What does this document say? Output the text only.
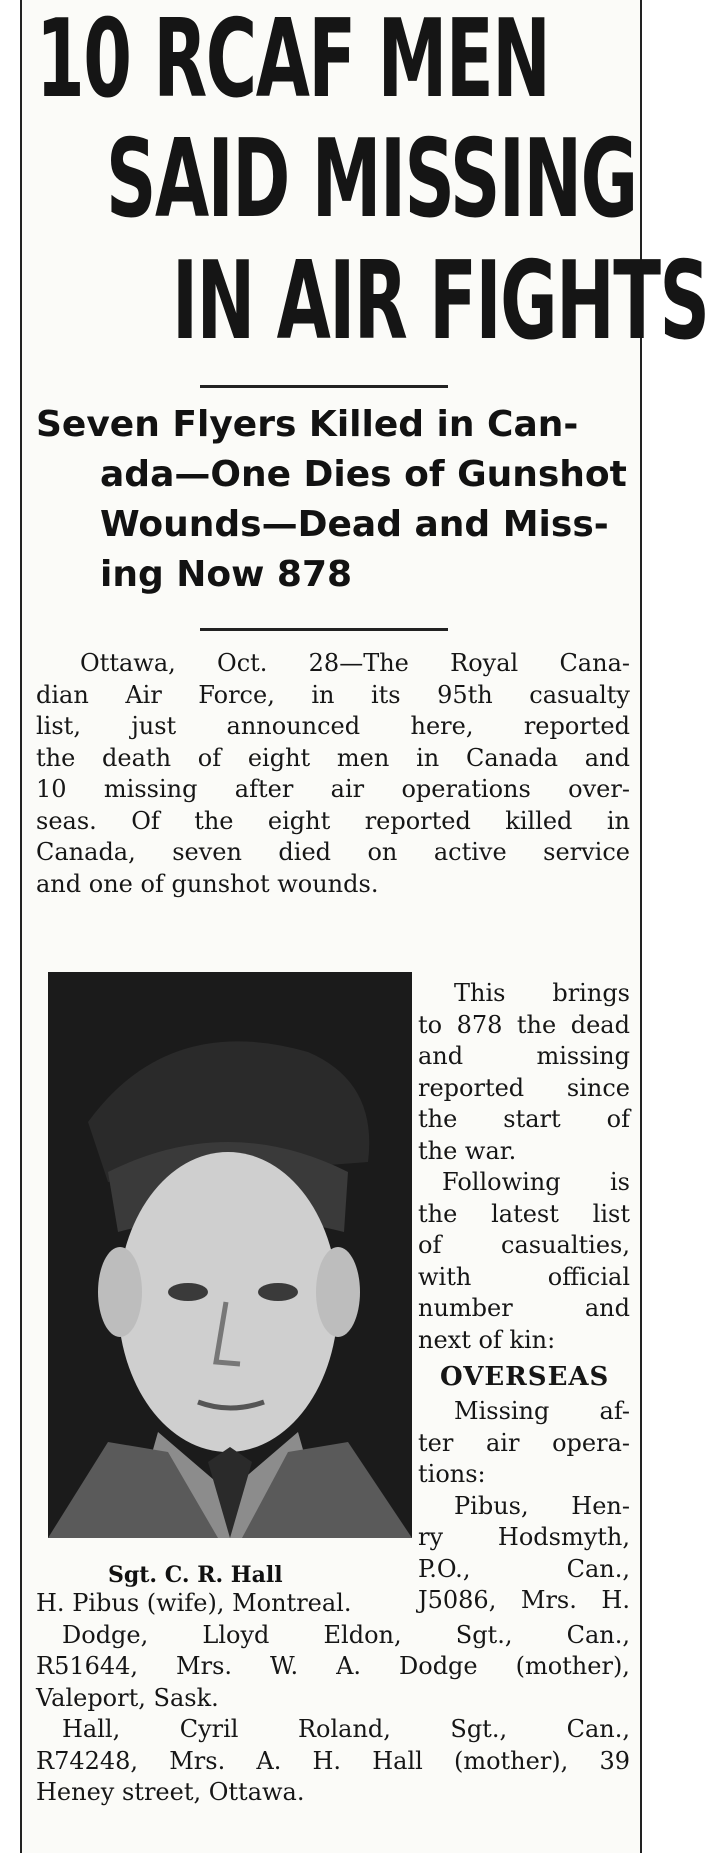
10 RCAF MEN
SAID MISSING
IN AIR FIGHTS
Seven Flyers Killed in Can-
ada—One Dies of Gunshot
Wounds—Dead and Miss-
ing Now 878
Ottawa, Oct. 28—The Royal Cana-
dian Air Force, in its 95th casualty
list, just announced here, reported
the death of eight men in Canada and
10 missing after air operations over-
seas. Of the eight reported killed in
Canada, seven died on active service
and one of gunshot wounds.
Sgt. C. R. Hall
This brings
to 878 the dead
and	missing
reported since
the start of
the war.
Following is
the latest list
of casualties,
with	official
number	and
next of kin:
OVERSEAS
Missing af-
ter air opera-
tions:
Pibus, Hen-
ry Hodsmyth,
P.O.,	Can.,
J5086, Mrs. H.
H. Pibus (wife), Montreal.
Dodge, Lloyd Eldon, Sgt., Can.,
R51644, Mrs. W. A. Dodge (mother),
Valeport, Sask.
Hall, Cyril Roland, Sgt., Can.,
R74248, Mrs. A. H. Hall (mother), 39
Heney street, Ottawa.
